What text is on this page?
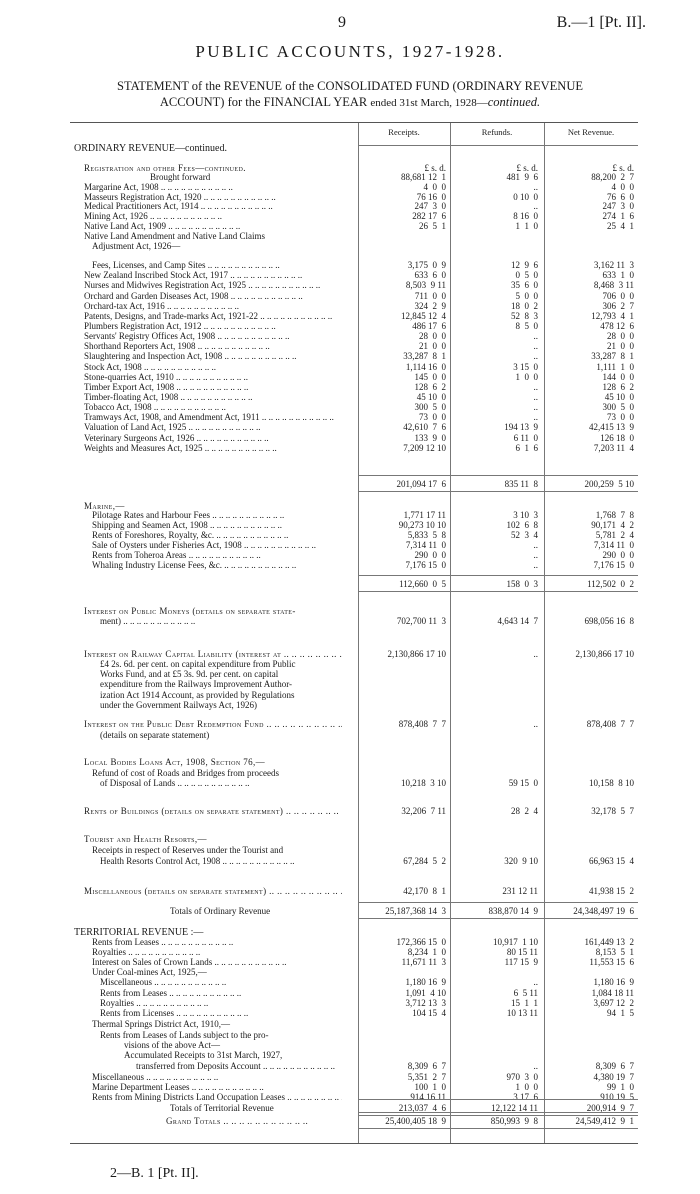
9	B.—1 [Pt. II].
PUBLIC ACCOUNTS, 1927-1928.
STATEMENT of the REVENUE of the CONSOLIDATED FUND (ORDINARY REVENUE
ACCOUNT) for the FINANCIAL YEAR ended 31st March, 1928—continued.
Receipts.	Refunds.	Net Revenue.
£ s. d.	£ s. d.	£ s. d.
ORDINARY REVENUE—continued.
Registration and other Fees—continued.
Brought forward	88,681 12  1	481  9  6	88,200  2  7
Margarine Act, 1908 ..	4  0  0	..	4  0  0
Masseurs Registration Act, 1920 ..	76 16  0	0 10  0	76  6  0
Medical Practitioners Act, 1914 ..	247  3  0	..	247  3  0
Mining Act, 1926 ..	282 17  6	8 16  0	274  1  6
Native Land Act, 1909 ..	26  5  1	1  1  0	25  4  1
Native Land Amendment and Native Land Claims
Adjustment Act, 1926—
Fees, Licenses, and Camp Sites ..	3,175  0  9	12  9  6	3,162 11  3
New Zealand Inscribed Stock Act, 1917 ..	633  6  0	0  5  0	633  1  0
Nurses and Midwives Registration Act, 1925 ..	8,503  9 11	35  6  0	8,468  3 11
Orchard and Garden Diseases Act, 1908 ..	711  0  0	5  0  0	706  0  0
Orchard-tax Act, 1916 ..	324  2  9	18  0  2	306  2  7
Patents, Designs, and Trade-marks Act, 1921-22 ..	12,845 12  4	52  8  3	12,793  4  1
Plumbers Registration Act, 1912 ..	486 17  6	8  5  0	478 12  6
Servants' Registry Offices Act, 1908 ..	28  0  0	..	28  0  0
Shorthand Reporters Act, 1908 ..	21  0  0	..	21  0  0
Slaughtering and Inspection Act, 1908 ..	33,287  8  1	..	33,287  8  1
Stock Act, 1908 ..	1,114 16  0	3 15  0	1,111  1  0
Stone-quarries Act, 1910 ..	145  0  0	1  0  0	144  0  0
Timber Export Act, 1908 ..	128  6  2	..	128  6  2
Timber-floating Act, 1908 ..	45 10  0	..	45 10  0
Tobacco Act, 1908 ..	300  5  0	..	300  5  0
Tramways Act, 1908, and Amendment Act, 1911 ..	73  0  0	..	73  0  0
Valuation of Land Act, 1925 ..	42,610  7  6	194 13  9	42,415 13  9
Veterinary Surgeons Act, 1926 ..	133  9  0	6 11  0	126 18  0
Weights and Measures Act, 1925 ..	7,209 12 10	6  1  6	7,203 11  4
201,094 17  6	835 11  8	200,259  5 10
Marine,—
Pilotage Rates and Harbour Fees ..	1,771 17 11	3 10  3	1,768  7  8
Shipping and Seamen Act, 1908 ..	90,273 10 10	102  6  8	90,171  4  2
Rents of Foreshores, Royalty, &c. ..	5,833  5  8	52  3  4	5,781  2  4
Sale of Oysters under Fisheries Act, 1908 ..	7,314 11  0	..	7,314 11  0
Rents from Toheroa Areas ..	290  0  0	..	290  0  0
Whaling Industry License Fees, &c. ..	7,176 15  0	..	7,176 15  0
112,660  0  5	158  0  3	112,502  0  2
Interest on Public Moneys (details on separate state-
ment) ..	702,700 11  3	4,643 14  7	698,056 16  8
Interest on Railway Capital Liability (interest at ..	2,130,866 17 10	..	2,130,866 17 10
£4 2s. 6d. per cent. on capital expenditure from Public
Works Fund, and at £5 3s. 9d. per cent. on capital
expenditure from the Railways Improvement Author-
ization Act 1914 Account, as provided by Regulations
under the Government Railways Act, 1926)
Interest on the Public Debt Redemption Fund ..	878,408  7  7	..	878,408  7  7
(details on separate statement)
Local Bodies Loans Act, 1908, Section 76,—
Refund of cost of Roads and Bridges from proceeds
of Disposal of Lands ..	10,218  3 10	59 15  0	10,158  8 10
Rents of Buildings (details on separate statement) ..	32,206  7 11	28  2  4	32,178  5  7
Tourist and Health Resorts,—
Receipts in respect of Reserves under the Tourist and
Health Resorts Control Act, 1908 ..	67,284  5  2	320  9 10	66,963 15  4
Miscellaneous (details on separate statement) ..	42,170  8  1	231 12 11	41,938 15  2
Totals of Ordinary Revenue	25,187,368 14  3	838,870 14  9	24,348,497 19  6
TERRITORIAL REVENUE :—
Rents from Leases ..	172,366 15  0	10,917  1 10	161,449 13  2
Royalties ..	8,234  1  0	80 15 11	8,153  5  1
Interest on Sales of Crown Lands ..	11,671 11  3	117 15  9	11,553 15  6
Under Coal-mines Act, 1925,—
Miscellaneous ..	1,180 16  9	..	1,180 16  9
Rents from Leases ..	1,091  4 10	6  5 11	1,084 18 11
Royalties ..	3,712 13  3	15  1  1	3,697 12  2
Rents from Licenses ..	104 15  4	10 13 11	94  1  5
Thermal Springs District Act, 1910,—
Rents from Leases of Lands subject to the pro-
visions of the above Act—
Accumulated Receipts to 31st March, 1927,
transferred from Deposits Account ..	8,309  6  7	..	8,309  6  7
Miscellaneous ..	5,351  2  7	970  3  0	4,380 19  7
Marine Department Leases ..	100  1  0	1  0  0	99  1  0
Rents from Mining Districts Land Occupation Leases ..	914 16 11	3 17  6	910 19  5
Totals of Territorial Revenue	213,037  4  6	12,122 14 11	200,914  9  7
Grand Totals ..	25,400,405 18  9	850,993  9  8	24,549,412  9  1
2—B. 1 [Pt. II].
